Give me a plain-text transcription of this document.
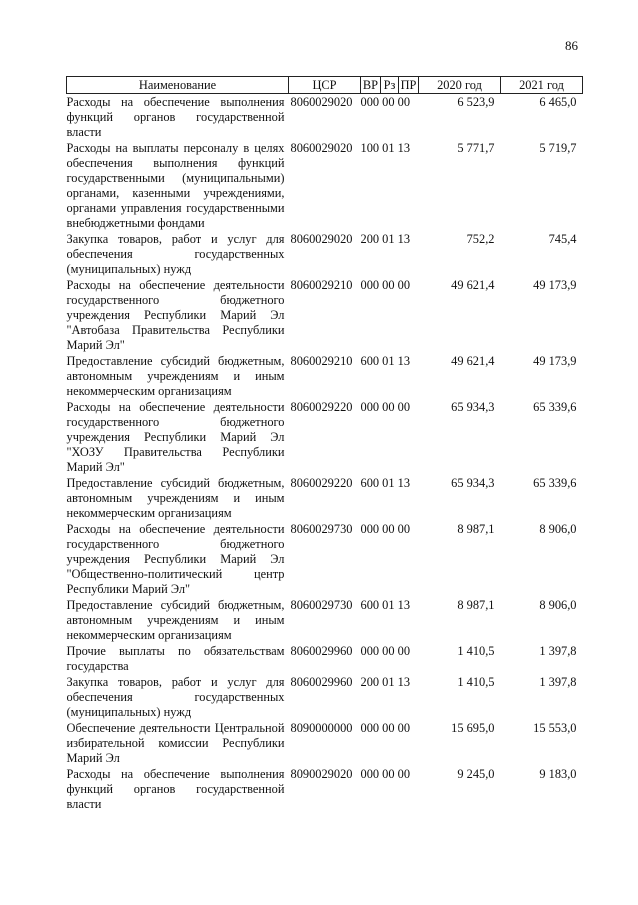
86
Наименование	ЦСР	ВР	Рз	ПР	2020 год	2021 год
Расходы на обеспечение выполнения функций органов государственной власти	8060029020	000 00 00			6 523,9	6 465,0
Расходы на выплаты персоналу в целях обеспечения выполнения функций государственными (муниципальными) органами, казенными учреждениями, органами управления государственными внебюджетными фондами	8060029020	100 01 13			5 771,7	5 719,7
Закупка товаров, работ и услуг для обеспечения государственных (муниципальных) нужд	8060029020	200 01 13			752,2	745,4
Расходы на обеспечение деятельности государственного бюджетного учреждения Республики Марий Эл "Автобаза Правительства Республики Марий Эл"	8060029210	000 00 00			49 621,4	49 173,9
Предоставление субсидий бюджетным, автономным учреждениям и иным некоммерческим организациям	8060029210	600 01 13			49 621,4	49 173,9
Расходы на обеспечение деятельности государственного бюджетного учреждения Республики Марий Эл "ХОЗУ Правительства Республики Марий Эл"	8060029220	000 00 00			65 934,3	65 339,6
Предоставление субсидий бюджетным, автономным учреждениям и иным некоммерческим организациям	8060029220	600 01 13			65 934,3	65 339,6
Расходы на обеспечение деятельности государственного бюджетного учреждения Республики Марий Эл "Общественно-политический центр Республики Марий Эл"	8060029730	000 00 00			8 987,1	8 906,0
Предоставление субсидий бюджетным, автономным учреждениям и иным некоммерческим организациям	8060029730	600 01 13			8 987,1	8 906,0
Прочие выплаты по обязательствам государства	8060029960	000 00 00			1 410,5	1 397,8
Закупка товаров, работ и услуг для обеспечения государственных (муниципальных) нужд	8060029960	200 01 13			1 410,5	1 397,8
Обеспечение деятельности Центральной избирательной комиссии Республики Марий Эл	8090000000	000 00 00			15 695,0	15 553,0
Расходы на обеспечение выполнения функций органов государственной власти	8090029020	000 00 00			9 245,0	9 183,0
